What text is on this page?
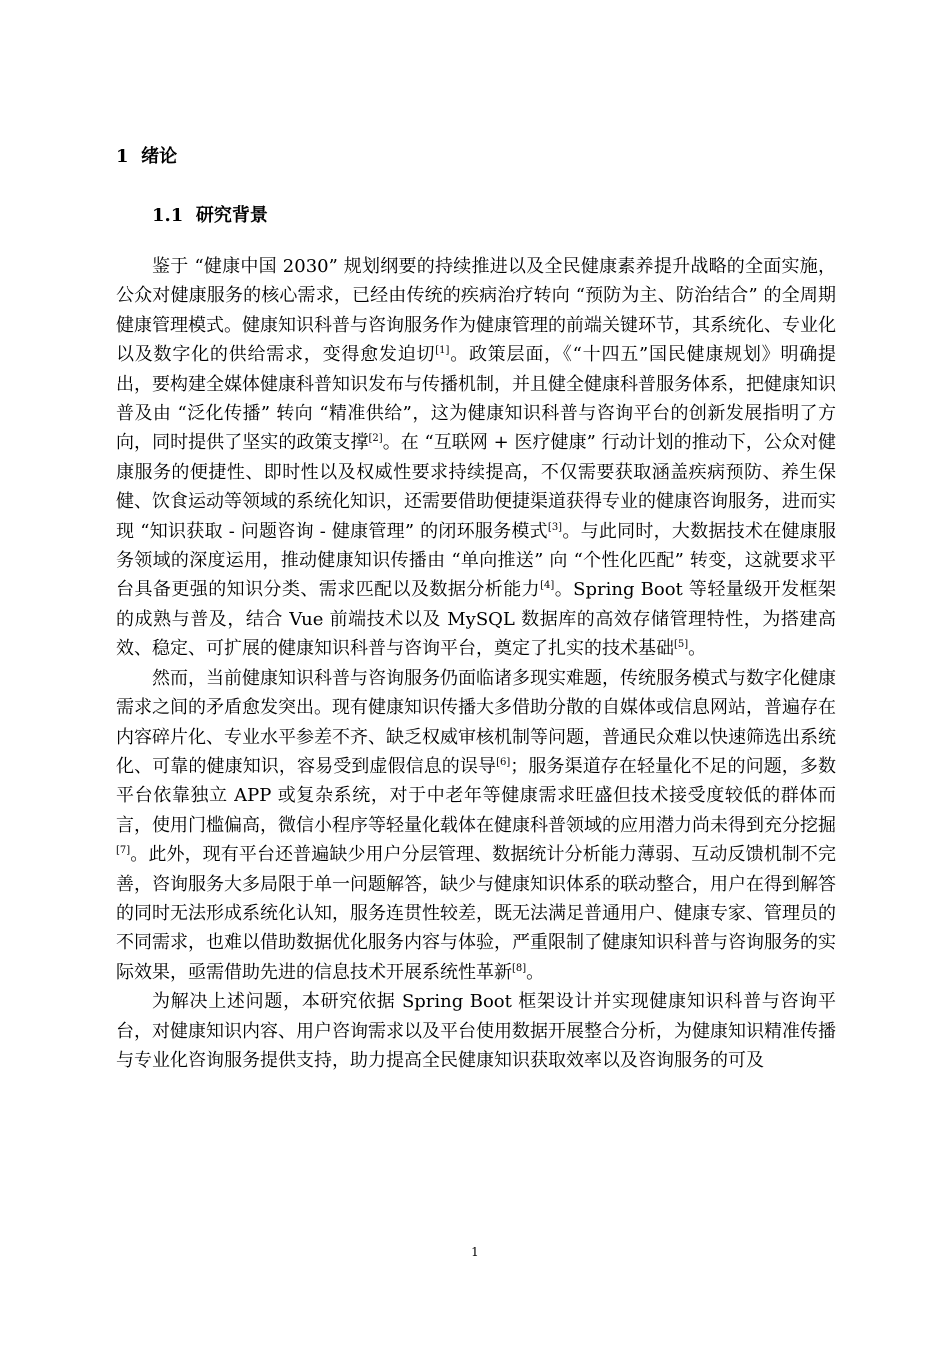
1 绪论
1.1 研究背景

鉴于 “健康中国 2030” 规划纲要的持续推进以及全民健康素养提升战略的全面实施，公众对健康服务的核心需求，已经由传统的疾病治疗转向 “预防为主、防治结合” 的全周期健康管理模式。健康知识科普与咨询服务作为健康管理的前端关键环节，其系统化、专业化以及数字化的供给需求，变得愈发迫切[1]。政策层面，《“十四五”国民健康规划》明确提出，要构建全媒体健康科普知识发布与传播机制，并且健全健康科普服务体系，把健康知识普及由 “泛化传播” 转向 “精准供给”，这为健康知识科普与咨询平台的创新发展指明了方向，同时提供了坚实的政策支撑[2]。在 “互联网 + 医疗健康” 行动计划的推动下，公众对健康服务的便捷性、即时性以及权威性要求持续提高，不仅需要获取涵盖疾病预防、养生保健、饮食运动等领域的系统化知识，还需要借助便捷渠道获得专业的健康咨询服务，进而实现 “知识获取 - 问题咨询 - 健康管理” 的闭环服务模式[3]。与此同时，大数据技术在健康服务领域的深度运用，推动健康知识传播由 “单向推送” 向 “个性化匹配” 转变，这就要求平台具备更强的知识分类、需求匹配以及数据分析能力[4]。Spring Boot 等轻量级开发框架的成熟与普及，结合 Vue 前端技术以及 MySQL 数据库的高效存储管理特性，为搭建高效、稳定、可扩展的健康知识科普与咨询平台，奠定了扎实的技术基础[5]。

然而，当前健康知识科普与咨询服务仍面临诸多现实难题，传统服务模式与数字化健康需求之间的矛盾愈发突出。现有健康知识传播大多借助分散的自媒体或信息网站，普遍存在内容碎片化、专业水平参差不齐、缺乏权威审核机制等问题，普通民众难以快速筛选出系统化、可靠的健康知识，容易受到虚假信息的误导[6]；服务渠道存在轻量化不足的问题，多数平台依靠独立 APP 或复杂系统，对于中老年等健康需求旺盛但技术接受度较低的群体而言，使用门槛偏高，微信小程序等轻量化载体在健康科普领域的应用潜力尚未得到充分挖掘[7]。此外，现有平台还普遍缺少用户分层管理、数据统计分析能力薄弱、互动反馈机制不完善，咨询服务大多局限于单一问题解答，缺少与健康知识体系的联动整合，用户在得到解答的同时无法形成系统化认知，服务连贯性较差，既无法满足普通用户、健康专家、管理员的不同需求，也难以借助数据优化服务内容与体验，严重限制了健康知识科普与咨询服务的实际效果，亟需借助先进的信息技术开展系统性革新[8]。

为解决上述问题，本研究依据 Spring Boot 框架设计并实现健康知识科普与咨询平台，对健康知识内容、用户咨询需求以及平台使用数据开展整合分析，为健康知识精准传播与专业化咨询服务提供支持，助力提高全民健康知识获取效率以及咨询服务的可及

1
